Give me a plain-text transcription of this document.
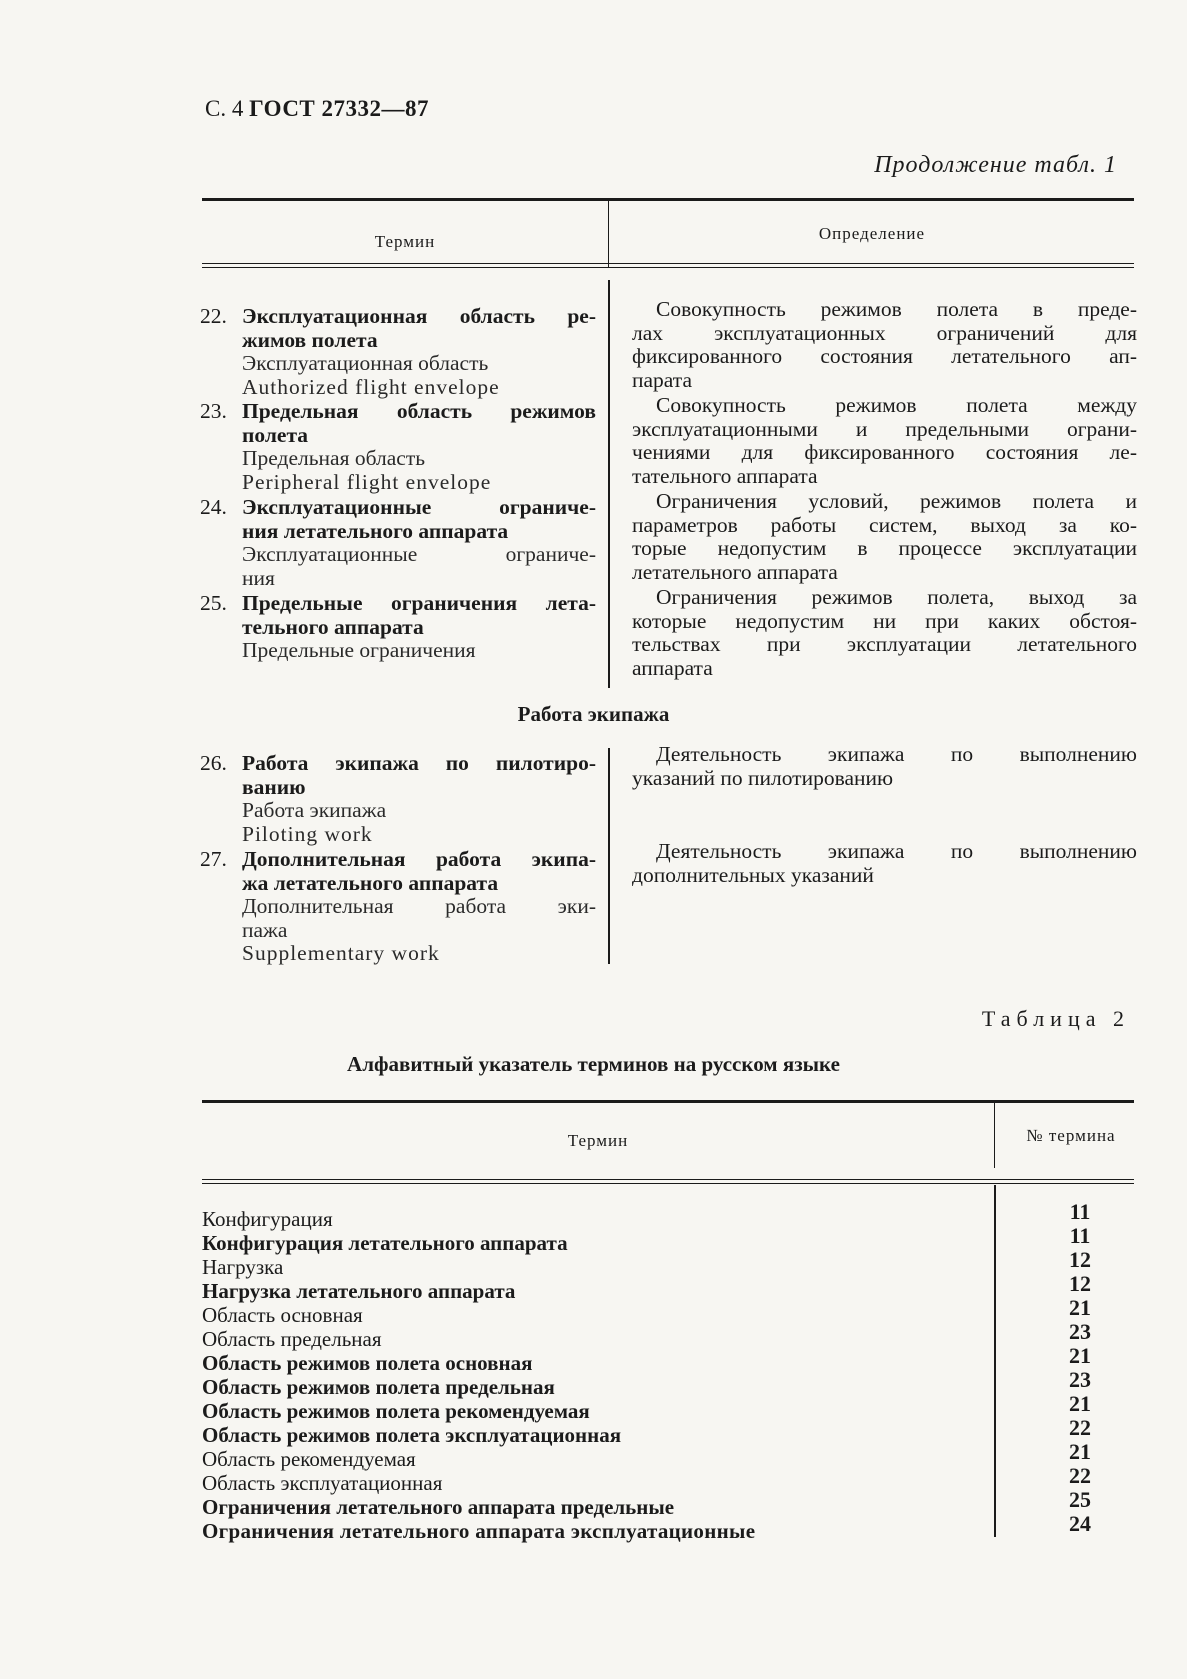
С. 4 ГОСТ 27332—87
Продолжение табл. 1
Термин	Определение
22. Эксплуатационная область ре-
жимов полета
Эксплуатационная область
Authorized flight envelope
23. Предельная область режимов
полета
Предельная область
Peripheral flight envelope
24. Эксплуатационные ограниче-
ния летательного аппарата
Эксплуатационные ограниче-
ния
25. Предельные ограничения лета-
тельного аппарата
Предельные ограничения
Совокупность режимов полета в преде-
лах эксплуатационных ограничений для
фиксированного состояния летательного ап-
парата
Совокупность режимов полета между
эксплуатационными и предельными ограни-
чениями для фиксированного состояния ле-
тательного аппарата
Ограничения условий, режимов полета и
параметров работы систем, выход за ко-
торые недопустим в процессе эксплуатации
летательного аппарата
Ограничения режимов полета, выход за
которые недопустим ни при каких обстоя-
тельствах при эксплуатации летательного
аппарата
Работа экипажа
26. Работа экипажа по пилотиро-
ванию
Работа экипажа
Piloting work
27. Дополнительная работа экипа-
жа летательного аппарата
Дополнительная работа эки-
пажа
Supplementary work
Деятельность экипажа по выполнению
указаний по пилотированию
Деятельность экипажа по выполнению
дополнительных указаний
Таблица 2
Алфавитный указатель терминов на русском языке
Термин	№ термина
Конфигурация
Конфигурация летательного аппарата
Нагрузка
Нагрузка летательного аппарата
Область основная
Область предельная
Область режимов полета основная
Область режимов полета предельная
Область режимов полета рекомендуемая
Область режимов полета эксплуатационная
Область рекомендуемая
Область эксплуатационная
Ограничения летательного аппарата предельные
Ограничения летательного аппарата эксплуатационные
11
11
12
12
21
23
21
23
21
22
21
22
25
24
